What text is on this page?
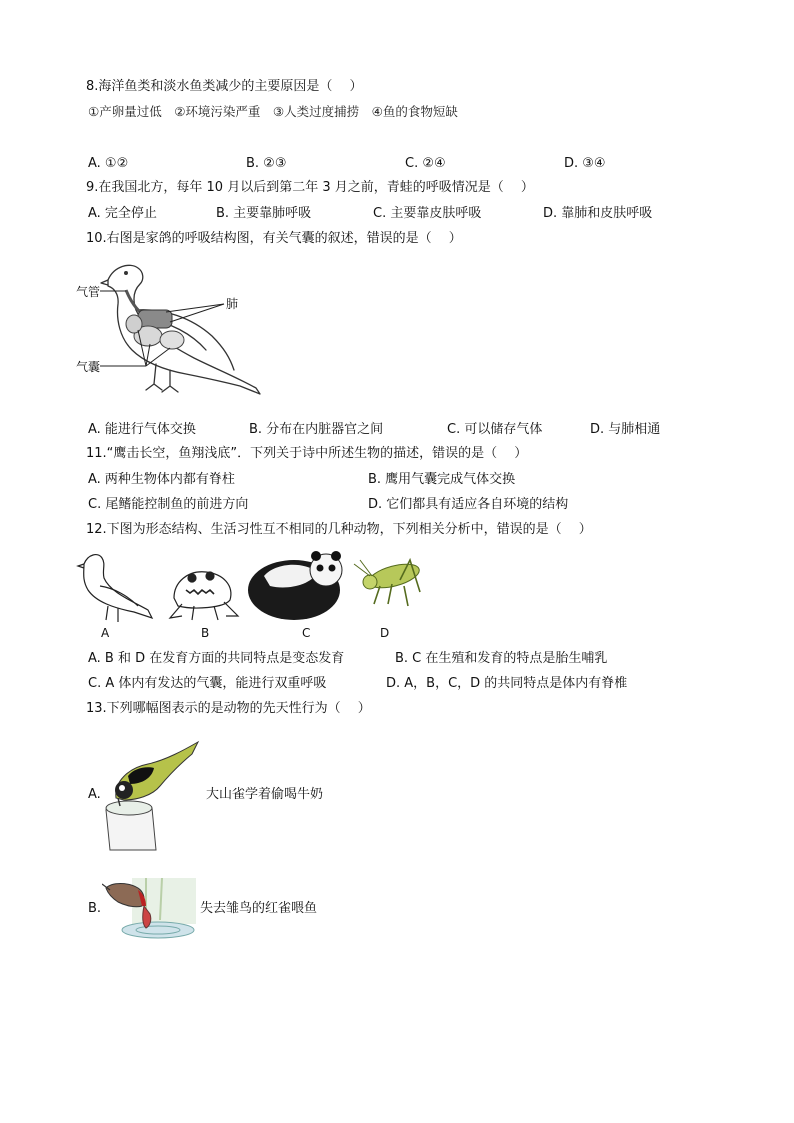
8.海洋鱼类和淡水鱼类减少的主要原因是（　 ）
①产卵量过低　②环境污染严重　③人类过度捕捞　④鱼的食物短缺
A. ①②	B. ②③	C. ②④	D. ③④
9.在我国北方，每年 10 月以后到第二年 3 月之前，青蛙的呼吸情况是（　 ）
A. 完全停止	B. 主要靠肺呼吸	C. 主要靠皮肤呼吸	D. 靠肺和皮肤呼吸
10.右图是家鸽的呼吸结构图，有关气囊的叙述，错误的是（　 ）
气管
肺
气囊
A. 能进行气体交换	B. 分布在内脏器官之间	C. 可以储存气体	D. 与肺相通
11.“鹰击长空，鱼翔浅底”．下列关于诗中所述生物的描述，错误的是（　 ）
A. 两种生物体内都有脊柱	B. 鹰用气囊完成气体交换
C. 尾鳍能控制鱼的前进方向	D. 它们都具有适应各自环境的结构
12.下图为形态结构、生活习性互不相同的几种动物，下列相关分析中，错误的是（　 ）
A	B	C	D
A. B 和 D 在发育方面的共同特点是变态发育	B. C 在生殖和发育的特点是胎生哺乳
C. A 体内有发达的气囊，能进行双重呼吸	D. A，B，C，D 的共同特点是体内有脊椎
13.下列哪幅图表示的是动物的先天性行为（　 ）
A.	大山雀学着偷喝牛奶
B.	失去雏鸟的红雀喂鱼
